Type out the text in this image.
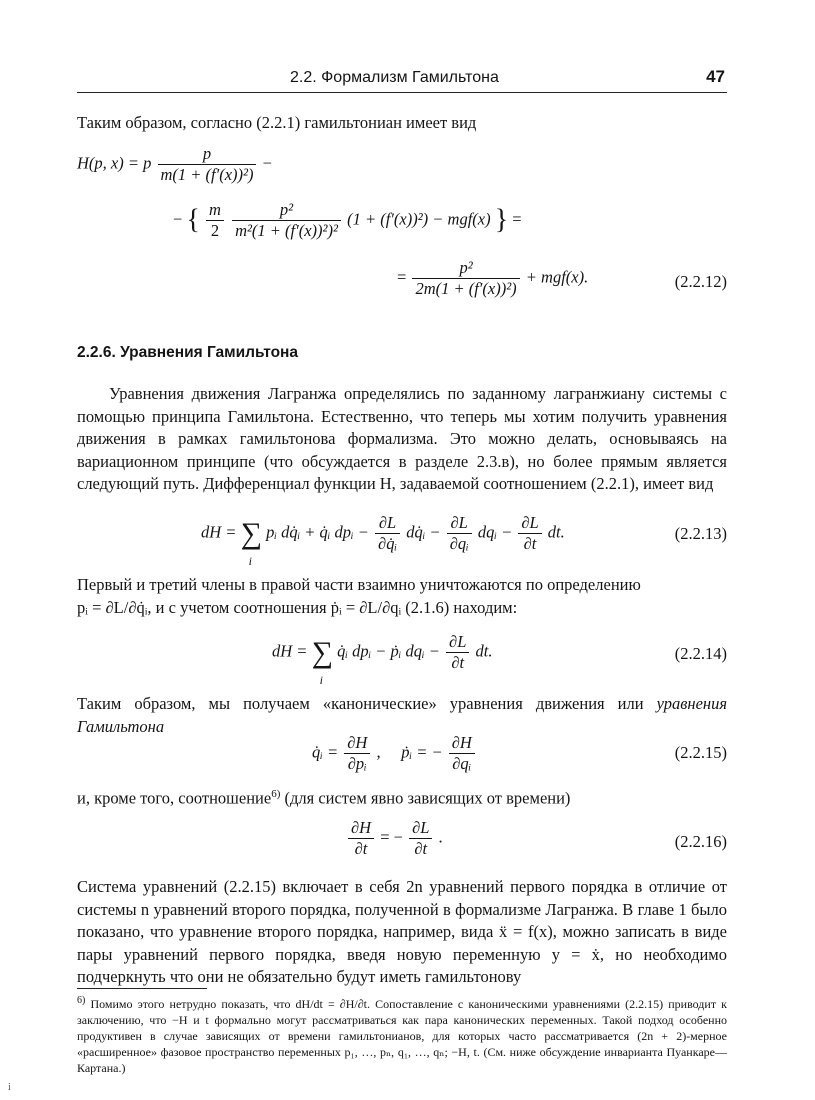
2.2. Формализм Гамильтона	47
Таким образом, согласно (2.2.1) гамильтониан имеет вид
H(p, x) = p $\frac{p}{\text{m(1 + (f′(x))²)}}$ −
− { $\frac{m}{2}$
$\frac{\text{p²}}{\text{m²(1 + (f′(x))²)²}} (1 + (f'(x))^2) - mgf(x)$ } =
= $\frac{\text{p²}}{\text{2m(1 + (f′(x))²)}} + mgf(x)$.	(2.2.12)
2.2.6. Уравнения Гамильтона
Уравнения движения Лагранжа определялись по заданному лагранжиану системы с помощью принципа Гамильтона. Естественно, что теперь мы хотим получить уравнения движения в рамках гамильтонова формализма. Это можно делать, основываясь на вариационном принципе (что обсуждается в разделе 2.3.в), но более прямым является следующий путь. Дифференциал функции H, задаваемой соотношением (2.2.1), имеет вид
dH = ∑
i
pᵢ dq̇ᵢ + q̇ᵢ dpᵢ − $\frac{\partial L}{\text{∂q̇ᵢ}}$ dq̇ᵢ − $\frac{\partial L}{\text{∂qᵢ}}$ dqᵢ − $\frac{\partial L}{\partial t}$ dt.	(2.2.13)
Первый и третий члены в правой части взаимно уничтожаются по определению
pᵢ = ∂L/∂q̇ᵢ, и с учетом соотношения ṗᵢ = ∂L/∂qᵢ (2.1.6) находим:
dH = ∑
i
q̇ᵢ dpᵢ − ṗᵢ dqᵢ − $\frac{\partial L}{\partial t}$ dt.	(2.2.14)
Таким образом, мы получаем «канонические» уравнения движения или уравнения Гамильтона
q̇ᵢ = $\frac{\partial H}{\text{∂pᵢ}}$ , ṗᵢ = − $\frac{\partial H}{\text{∂qᵢ}}$	(2.2.15)
и, кроме того, соотношение$^{6)}$ (для систем явно зависящих от времени)
$\frac{\partial H}{\partial t}$ = − $\frac{\partial L}{\partial t}$ .	(2.2.16)
Система уравнений (2.2.15) включает в себя 2n уравнений первого порядка в отличие от системы n уравнений второго порядка, полученной в формализме Лагранжа. В главе 1 было показано, что уравнение второго порядка, например, вида ẍ = f(x), можно записать в виде пары уравнений первого порядка, введя новую переменную y = ẋ, но необходимо подчеркнуть что они не обязательно будут иметь гамильтонову
$^{6)}$ Помимо этого нетрудно показать, что dH/dt = ∂H/∂t. Сопоставление с каноническими уравнениями (2.2.15) приводит к заключению, что −H и t формально могут рассматриваться как пара канонических переменных. Такой подход особенно продуктивен в случае зависящих от времени гамильтонианов, для которых часто рассматривается (2n + 2)-мерное «расширенное» фазовое пространство переменных p₁, …, pₙ, q₁, …, qₙ; −H, t. (См. ниже обсуждение инварианта Пуанкаре—Картана.)
i
